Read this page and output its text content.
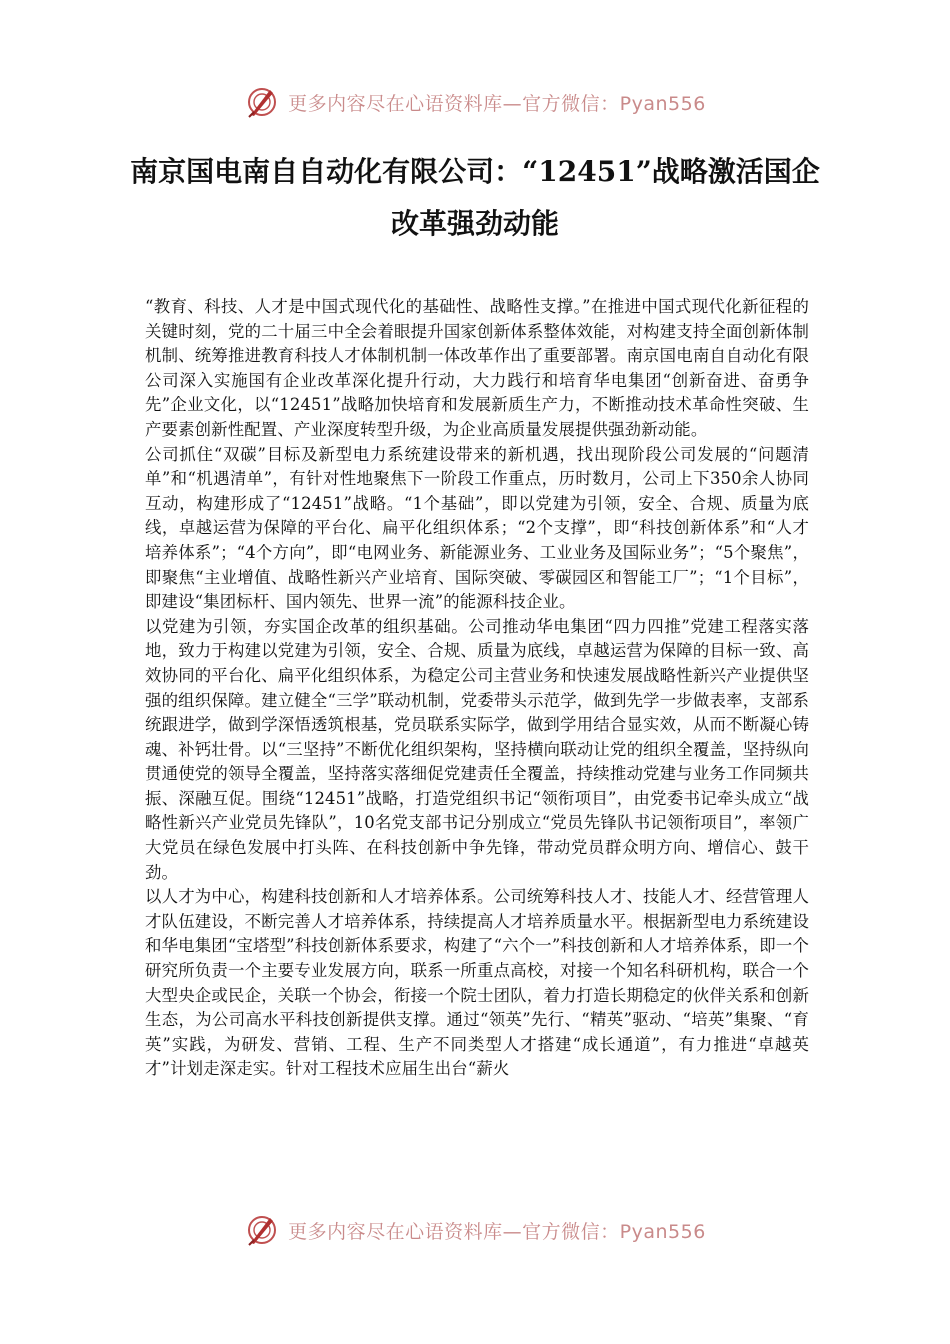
更多内容尽在心语资料库—官方微信：Pyan556
南京国电南自自动化有限公司：“12451”战略激活国企改革强劲动能

“教育、科技、人才是中国式现代化的基础性、战略性支撑。”在推进中国式现代化新征程的关键时刻，党的二十届三中全会着眼提升国家创新体系整体效能，对构建支持全面创新体制机制、统筹推进教育科技人才体制机制一体改革作出了重要部署。南京国电南自自动化有限公司深入实施国有企业改革深化提升行动，大力践行和培育华电集团“创新奋进、奋勇争先”企业文化，以“12451”战略加快培育和发展新质生产力，不断推动技术革命性突破、生产要素创新性配置、产业深度转型升级，为企业高质量发展提供强劲新动能。

公司抓住“双碳”目标及新型电力系统建设带来的新机遇，找出现阶段公司发展的“问题清单”和“机遇清单”，有针对性地聚焦下一阶段工作重点，历时数月，公司上下350余人协同互动，构建形成了“12451”战略。“1个基础”，即以党建为引领，安全、合规、质量为底线，卓越运营为保障的平台化、扁平化组织体系；“2个支撑”，即“科技创新体系”和“人才培养体系”；“4个方向”，即“电网业务、新能源业务、工业业务及国际业务”；“5个聚焦”，即聚焦“主业增值、战略性新兴产业培育、国际突破、零碳园区和智能工厂”；“1个目标”，即建设“集团标杆、国内领先、世界一流”的能源科技企业。

以党建为引领，夯实国企改革的组织基础。公司推动华电集团“四力四推”党建工程落实落地，致力于构建以党建为引领，安全、合规、质量为底线，卓越运营为保障的目标一致、高效协同的平台化、扁平化组织体系，为稳定公司主营业务和快速发展战略性新兴产业提供坚强的组织保障。建立健全“三学”联动机制，党委带头示范学，做到先学一步做表率，支部系统跟进学，做到学深悟透筑根基，党员联系实际学，做到学用结合显实效，从而不断凝心铸魂、补钙壮骨。以“三坚持”不断优化组织架构，坚持横向联动让党的组织全覆盖，坚持纵向贯通使党的领导全覆盖，坚持落实落细促党建责任全覆盖，持续推动党建与业务工作同频共振、深融互促。围绕“12451”战略，打造党组织书记“领衔项目”，由党委书记牵头成立“战略性新兴产业党员先锋队”，10名党支部书记分别成立“党员先锋队书记领衔项目”，率领广大党员在绿色发展中打头阵、在科技创新中争先锋，带动党员群众明方向、增信心、鼓干劲。

以人才为中心，构建科技创新和人才培养体系。公司统筹科技人才、技能人才、经营管理人才队伍建设，不断完善人才培养体系，持续提高人才培养质量水平。根据新型电力系统建设和华电集团“宝塔型”科技创新体系要求，构建了“六个一”科技创新和人才培养体系，即一个研究所负责一个主要专业发展方向，联系一所重点高校，对接一个知名科研机构，联合一个大型央企或民企，关联一个协会，衔接一个院士团队，着力打造长期稳定的伙伴关系和创新生态，为公司高水平科技创新提供支撑。通过“领英”先行、“精英”驱动、“培英”集聚、“育英”实践，为研发、营销、工程、生产不同类型人才搭建“成长通道”，有力推进“卓越英才”计划走深走实。针对工程技术应届生出台“薪火

更多内容尽在心语资料库—官方微信：Pyan556
